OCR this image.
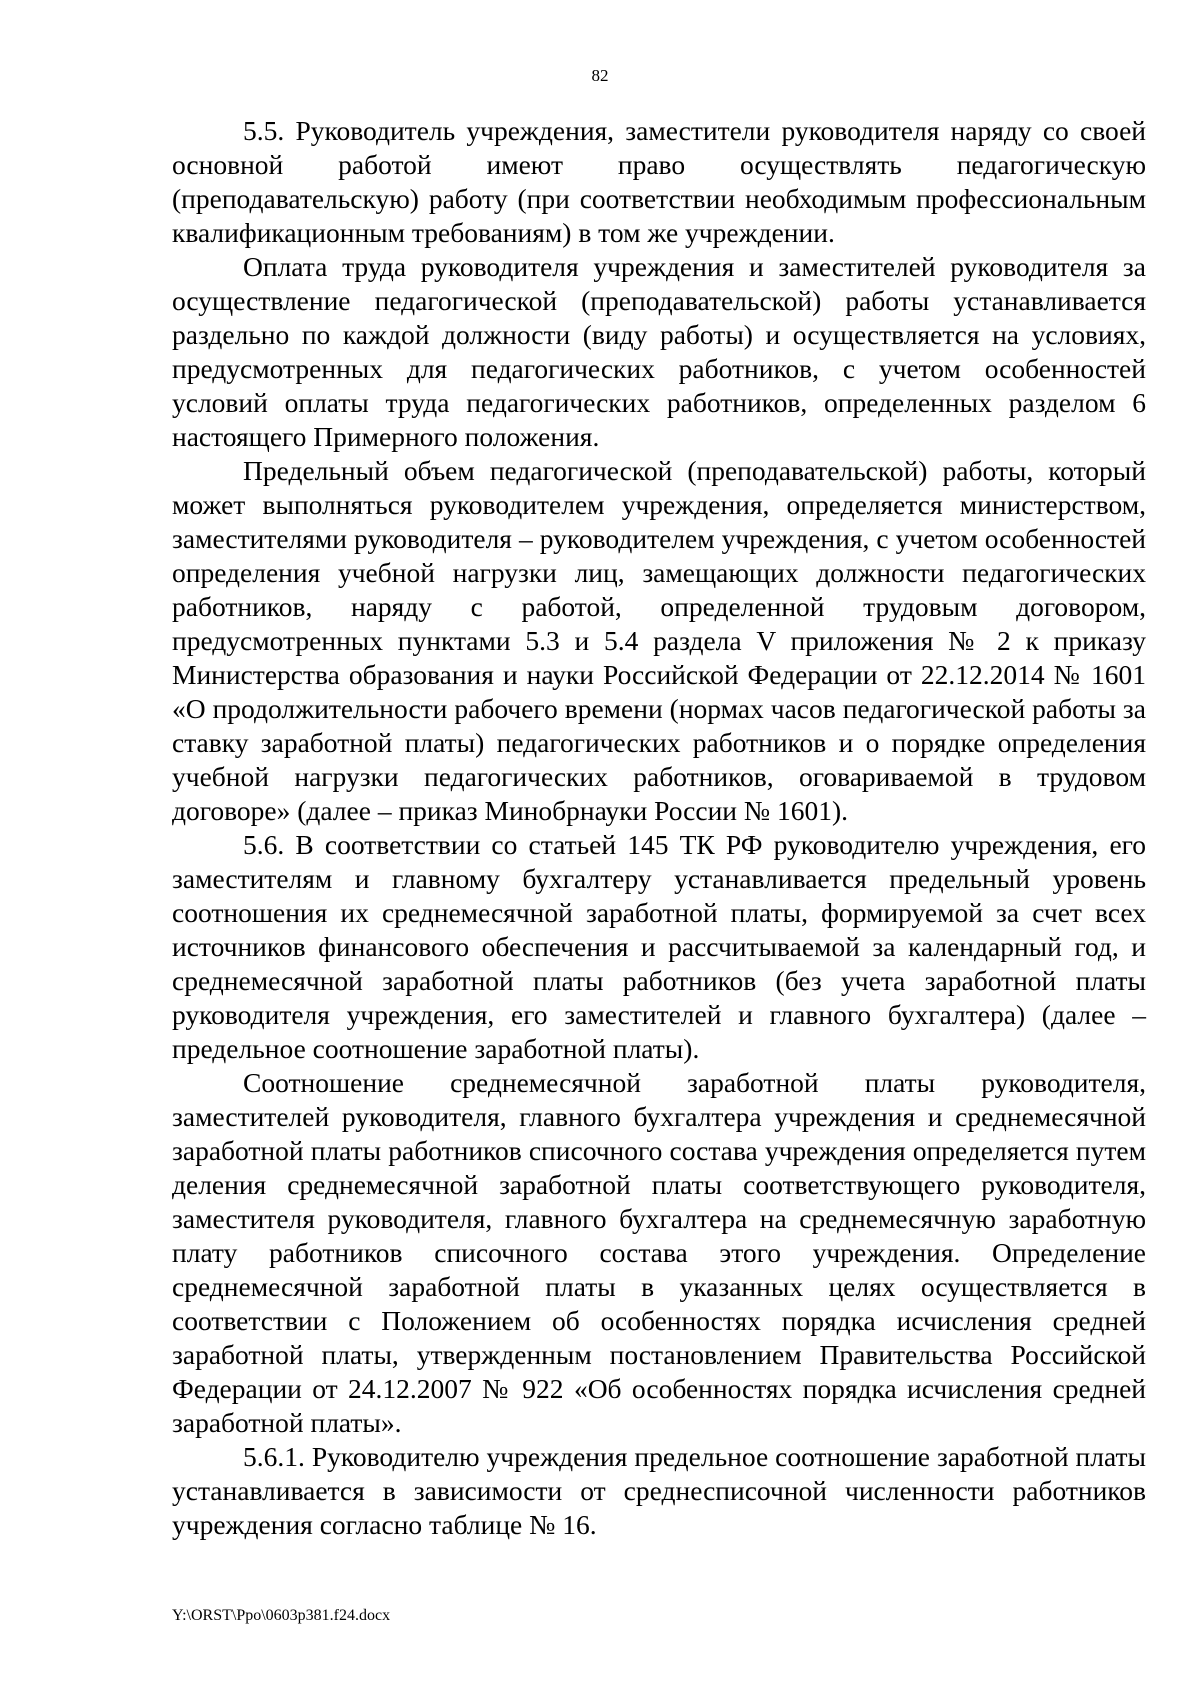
82

5.5. Руководитель учреждения, заместители руководителя наряду со своей основной работой имеют право осуществлять педагогическую (преподавательскую) работу (при соответствии необходимым профессиональным квалификационным требованиям) в том же учреждении.

Оплата труда руководителя учреждения и заместителей руководителя за осуществление педагогической (преподавательской) работы устанавливается раздельно по каждой должности (виду работы) и осуществляется на условиях, предусмотренных для педагогических работников, с учетом особенностей условий оплаты труда педагогических работников, определенных разделом 6 настоящего Примерного положения.

Предельный объем педагогической (преподавательской) работы, который может выполняться руководителем учреждения, определяется министерством, заместителями руководителя – руководителем учреждения, с учетом особенностей определения учебной нагрузки лиц, замещающих должности педагогических работников, наряду с работой, определенной трудовым договором, предусмотренных пунктами 5.3 и 5.4 раздела V приложения № 2 к приказу Министерства образования и науки Российской Федерации от 22.12.2014 № 1601 «О продолжительности рабочего времени (нормах часов педагогической работы за ставку заработной платы) педагогических работников и о порядке определения учебной нагрузки педагогических работников, оговариваемой в трудовом договоре» (далее – приказ Минобрнауки России № 1601).

5.6. В соответствии со статьей 145 ТК РФ руководителю учреждения, его заместителям и главному бухгалтеру устанавливается предельный уровень соотношения их среднемесячной заработной платы, формируемой за счет всех источников финансового обеспечения и рассчитываемой за календарный год, и среднемесячной заработной платы работников (без учета заработной платы руководителя учреждения, его заместителей и главного бухгалтера) (далее – предельное соотношение заработной платы).

Соотношение среднемесячной заработной платы руководителя, заместителей руководителя, главного бухгалтера учреждения и среднемесячной заработной платы работников списочного состава учреждения определяется путем деления среднемесячной заработной платы соответствующего руководителя, заместителя руководителя, главного бухгалтера на среднемесячную заработную плату работников списочного состава этого учреждения. Определение среднемесячной заработной платы в указанных целях осуществляется в соответствии с Положением об особенностях порядка исчисления средней заработной платы, утвержденным постановлением Правительства Российской Федерации от 24.12.2007 № 922 «Об особенностях порядка исчисления средней заработной платы».

5.6.1. Руководителю учреждения предельное соотношение заработной платы устанавливается в зависимости от среднесписочной численности работников учреждения согласно таблице № 16.

Y:\ORST\Ppo\0603p381.f24.docx
